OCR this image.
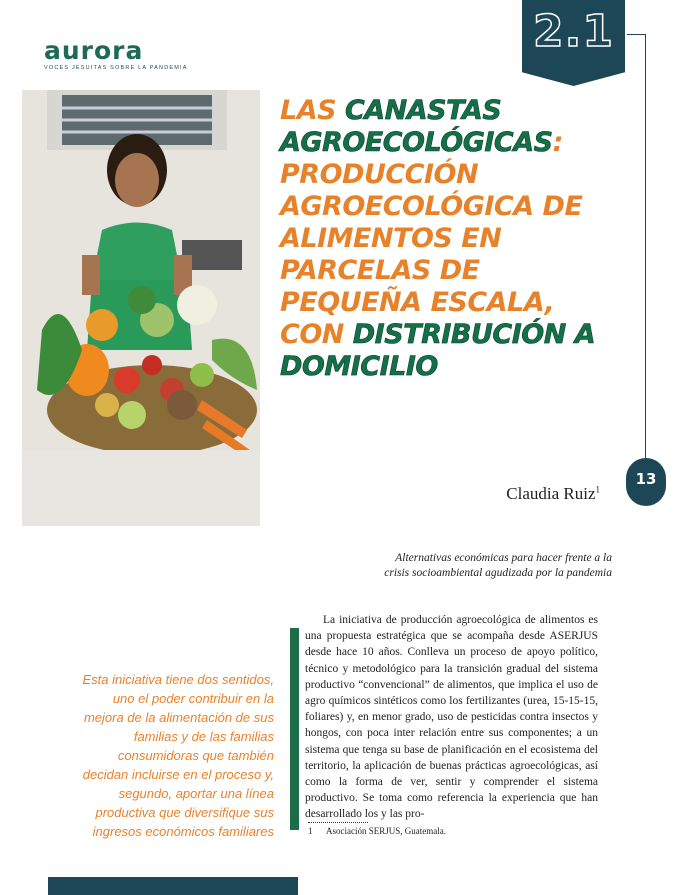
aurora
VOCES JESUITAS SOBRE LA PANDEMIA
2.1
LAS CANASTAS AGROECOLÓGICAS: PRODUCCIÓN AGROECOLÓGICA DE ALIMENTOS EN PARCELAS DE PEQUEÑA ESCALA, CON DISTRIBUCIÓN A DOMICILIO
13
Claudia Ruiz$^1$
Alternativas económicas para hacer frente a la crisis socioambiental agudizada por la pandemia
Esta iniciativa tiene dos sentidos, uno el poder contribuir en la mejora de la alimentación de sus familias y de las familias consumidoras que también decidan incluirse en el proceso y, segundo, aportar una línea productiva que diversifique sus ingresos económicos familiares

La iniciativa de producción agroecológica de alimentos es una propuesta estratégica que se acompaña desde ASERJUS desde hace 10 años. Conlleva un proceso de apoyo político, técnico y metodológico para la transición gradual del sistema productivo “convencional” de alimentos, que implica el uso de agro químicos sintéticos como los fertilizantes (urea, 15-15-15, foliares) y, en menor grado, uso de pesticidas contra insectos y hongos, con poca inter relación entre sus componentes; a un sistema que tenga su base de planificación en el ecosistema del territorio, la aplicación de buenas prácticas agroecológicas, así como la forma de ver, sentir y comprender el sistema productivo. Se toma como referencia la experiencia que han desarrollado los y las pro-

1 Asociación SERJUS, Guatemala.
